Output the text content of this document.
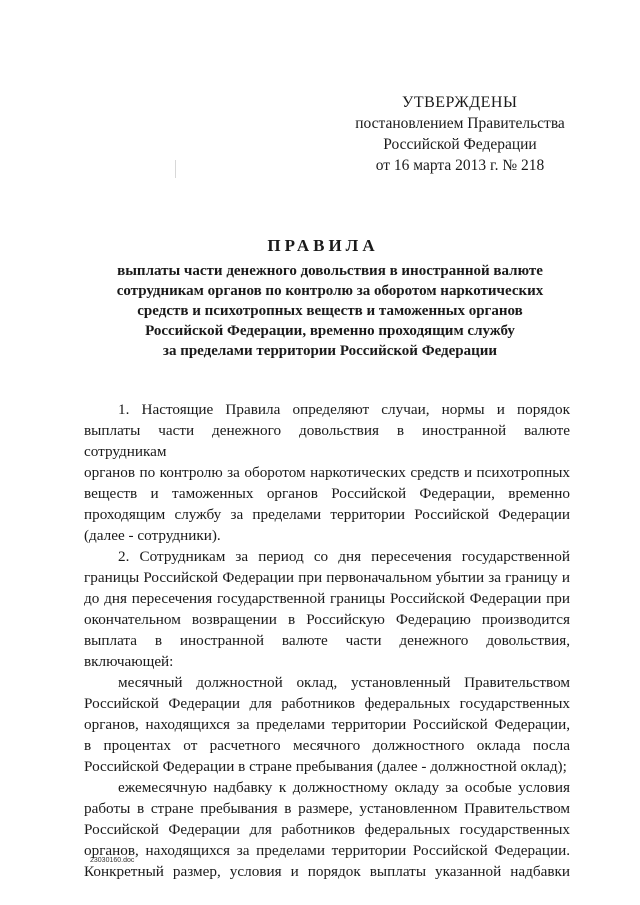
УТВЕРЖДЕНЫ
постановлением Правительства
Российской Федерации
от 16 марта 2013 г. № 218
ПРАВИЛА
выплаты части денежного довольствия в иностранной валюте
сотрудникам органов по контролю за оборотом наркотических
средств и психотропных веществ и таможенных органов
Российской Федерации, временно проходящим службу
за пределами территории Российской Федерации
1. Настоящие Правила определяют случаи, нормы и порядок
выплаты части денежного довольствия в иностранной валюте сотрудникам
органов по контролю за оборотом наркотических средств и психотропных
веществ и таможенных органов Российской Федерации, временно
проходящим службу за пределами территории Российской Федерации
(далее - сотрудники).
2. Сотрудникам за период со дня пересечения государственной
границы Российской Федерации при первоначальном убытии за границу и
до дня пересечения государственной границы Российской Федерации при
окончательном возвращении в Российскую Федерацию производится
выплата в иностранной валюте части денежного довольствия,
включающей:
месячный должностной оклад, установленный Правительством
Российской Федерации для работников федеральных государственных
органов, находящихся за пределами территории Российской Федерации,
в процентах от расчетного месячного должностного оклада посла
Российской Федерации в стране пребывания (далее - должностной оклад);
ежемесячную надбавку к должностному окладу за особые условия
работы в стране пребывания в размере, установленном Правительством
Российской Федерации для работников федеральных государственных
органов, находящихся за пределами территории Российской Федерации.
Конкретный размер, условия и порядок выплаты указанной надбавки
23030160.doc
